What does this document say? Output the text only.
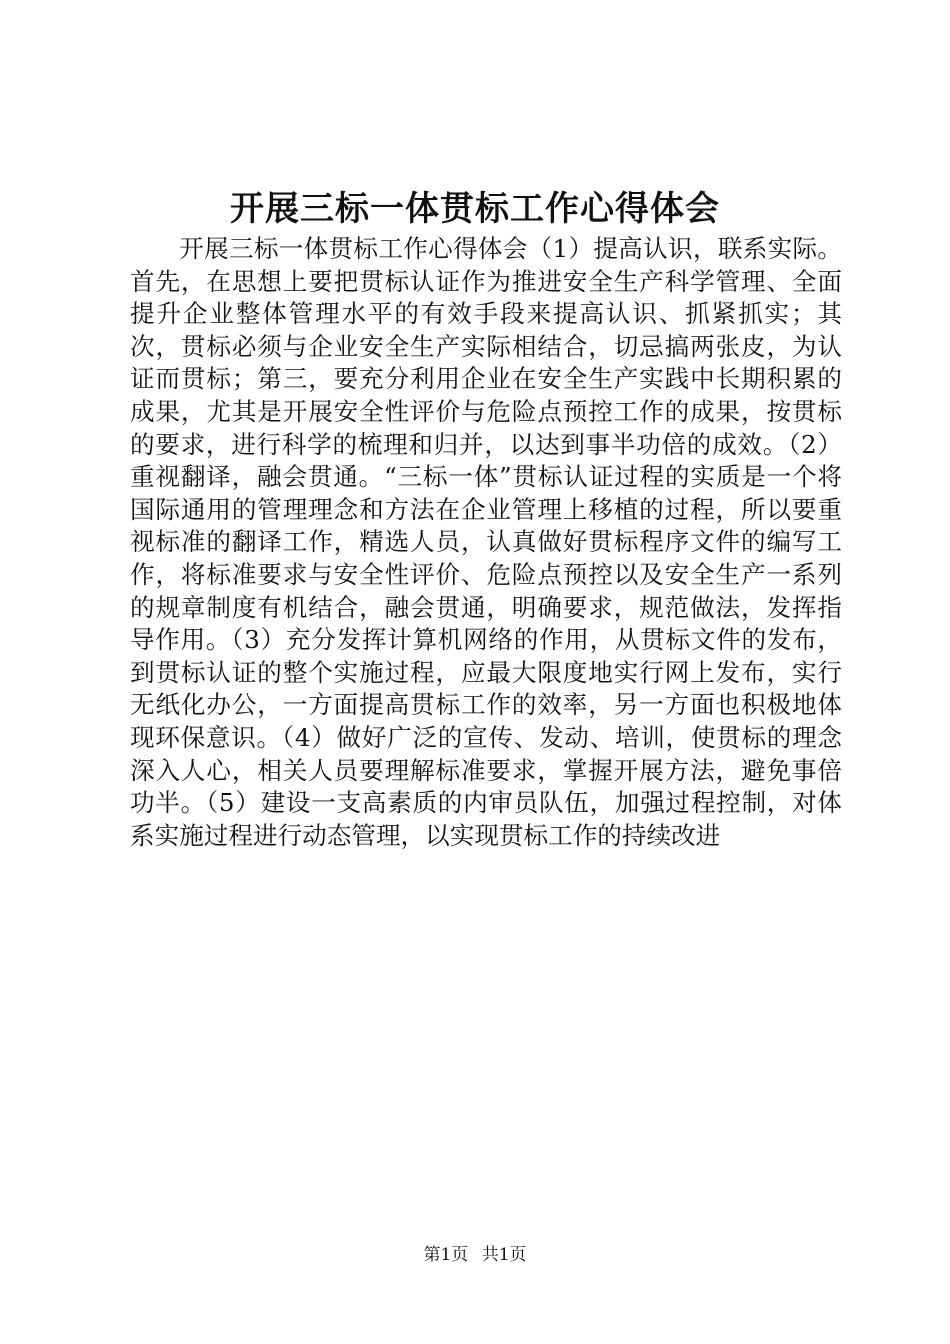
开展三标一体贯标工作心得体会

开展三标一体贯标工作心得体会（1）提高认识，联系实际。首先，在思想上要把贯标认证作为推进安全生产科学管理、全面提升企业整体管理水平的有效手段来提高认识、抓紧抓实；其次，贯标必须与企业安全生产实际相结合，切忌搞两张皮，为认证而贯标；第三，要充分利用企业在安全生产实践中长期积累的成果，尤其是开展安全性评价与危险点预控工作的成果，按贯标的要求，进行科学的梳理和归并，以达到事半功倍的成效。（2）重视翻译，融会贯通。“三标一体”贯标认证过程的实质是一个将国际通用的管理理念和方法在企业管理上移植的过程，所以要重视标准的翻译工作，精选人员，认真做好贯标程序文件的编写工作，将标准要求与安全性评价、危险点预控以及安全生产一系列的规章制度有机结合，融会贯通，明确要求，规范做法，发挥指导作用。（3）充分发挥计算机网络的作用，从贯标文件的发布，到贯标认证的整个实施过程，应最大限度地实行网上发布，实行无纸化办公，一方面提高贯标工作的效率，另一方面也积极地体现环保意识。（4）做好广泛的宣传、发动、培训，使贯标的理念深入人心，相关人员要理解标准要求，掌握开展方法，避免事倍功半。（5）建设一支高素质的内审员队伍，加强过程控制，对体系实施过程进行动态管理，以实现贯标工作的持续改进

第1页 共1页
